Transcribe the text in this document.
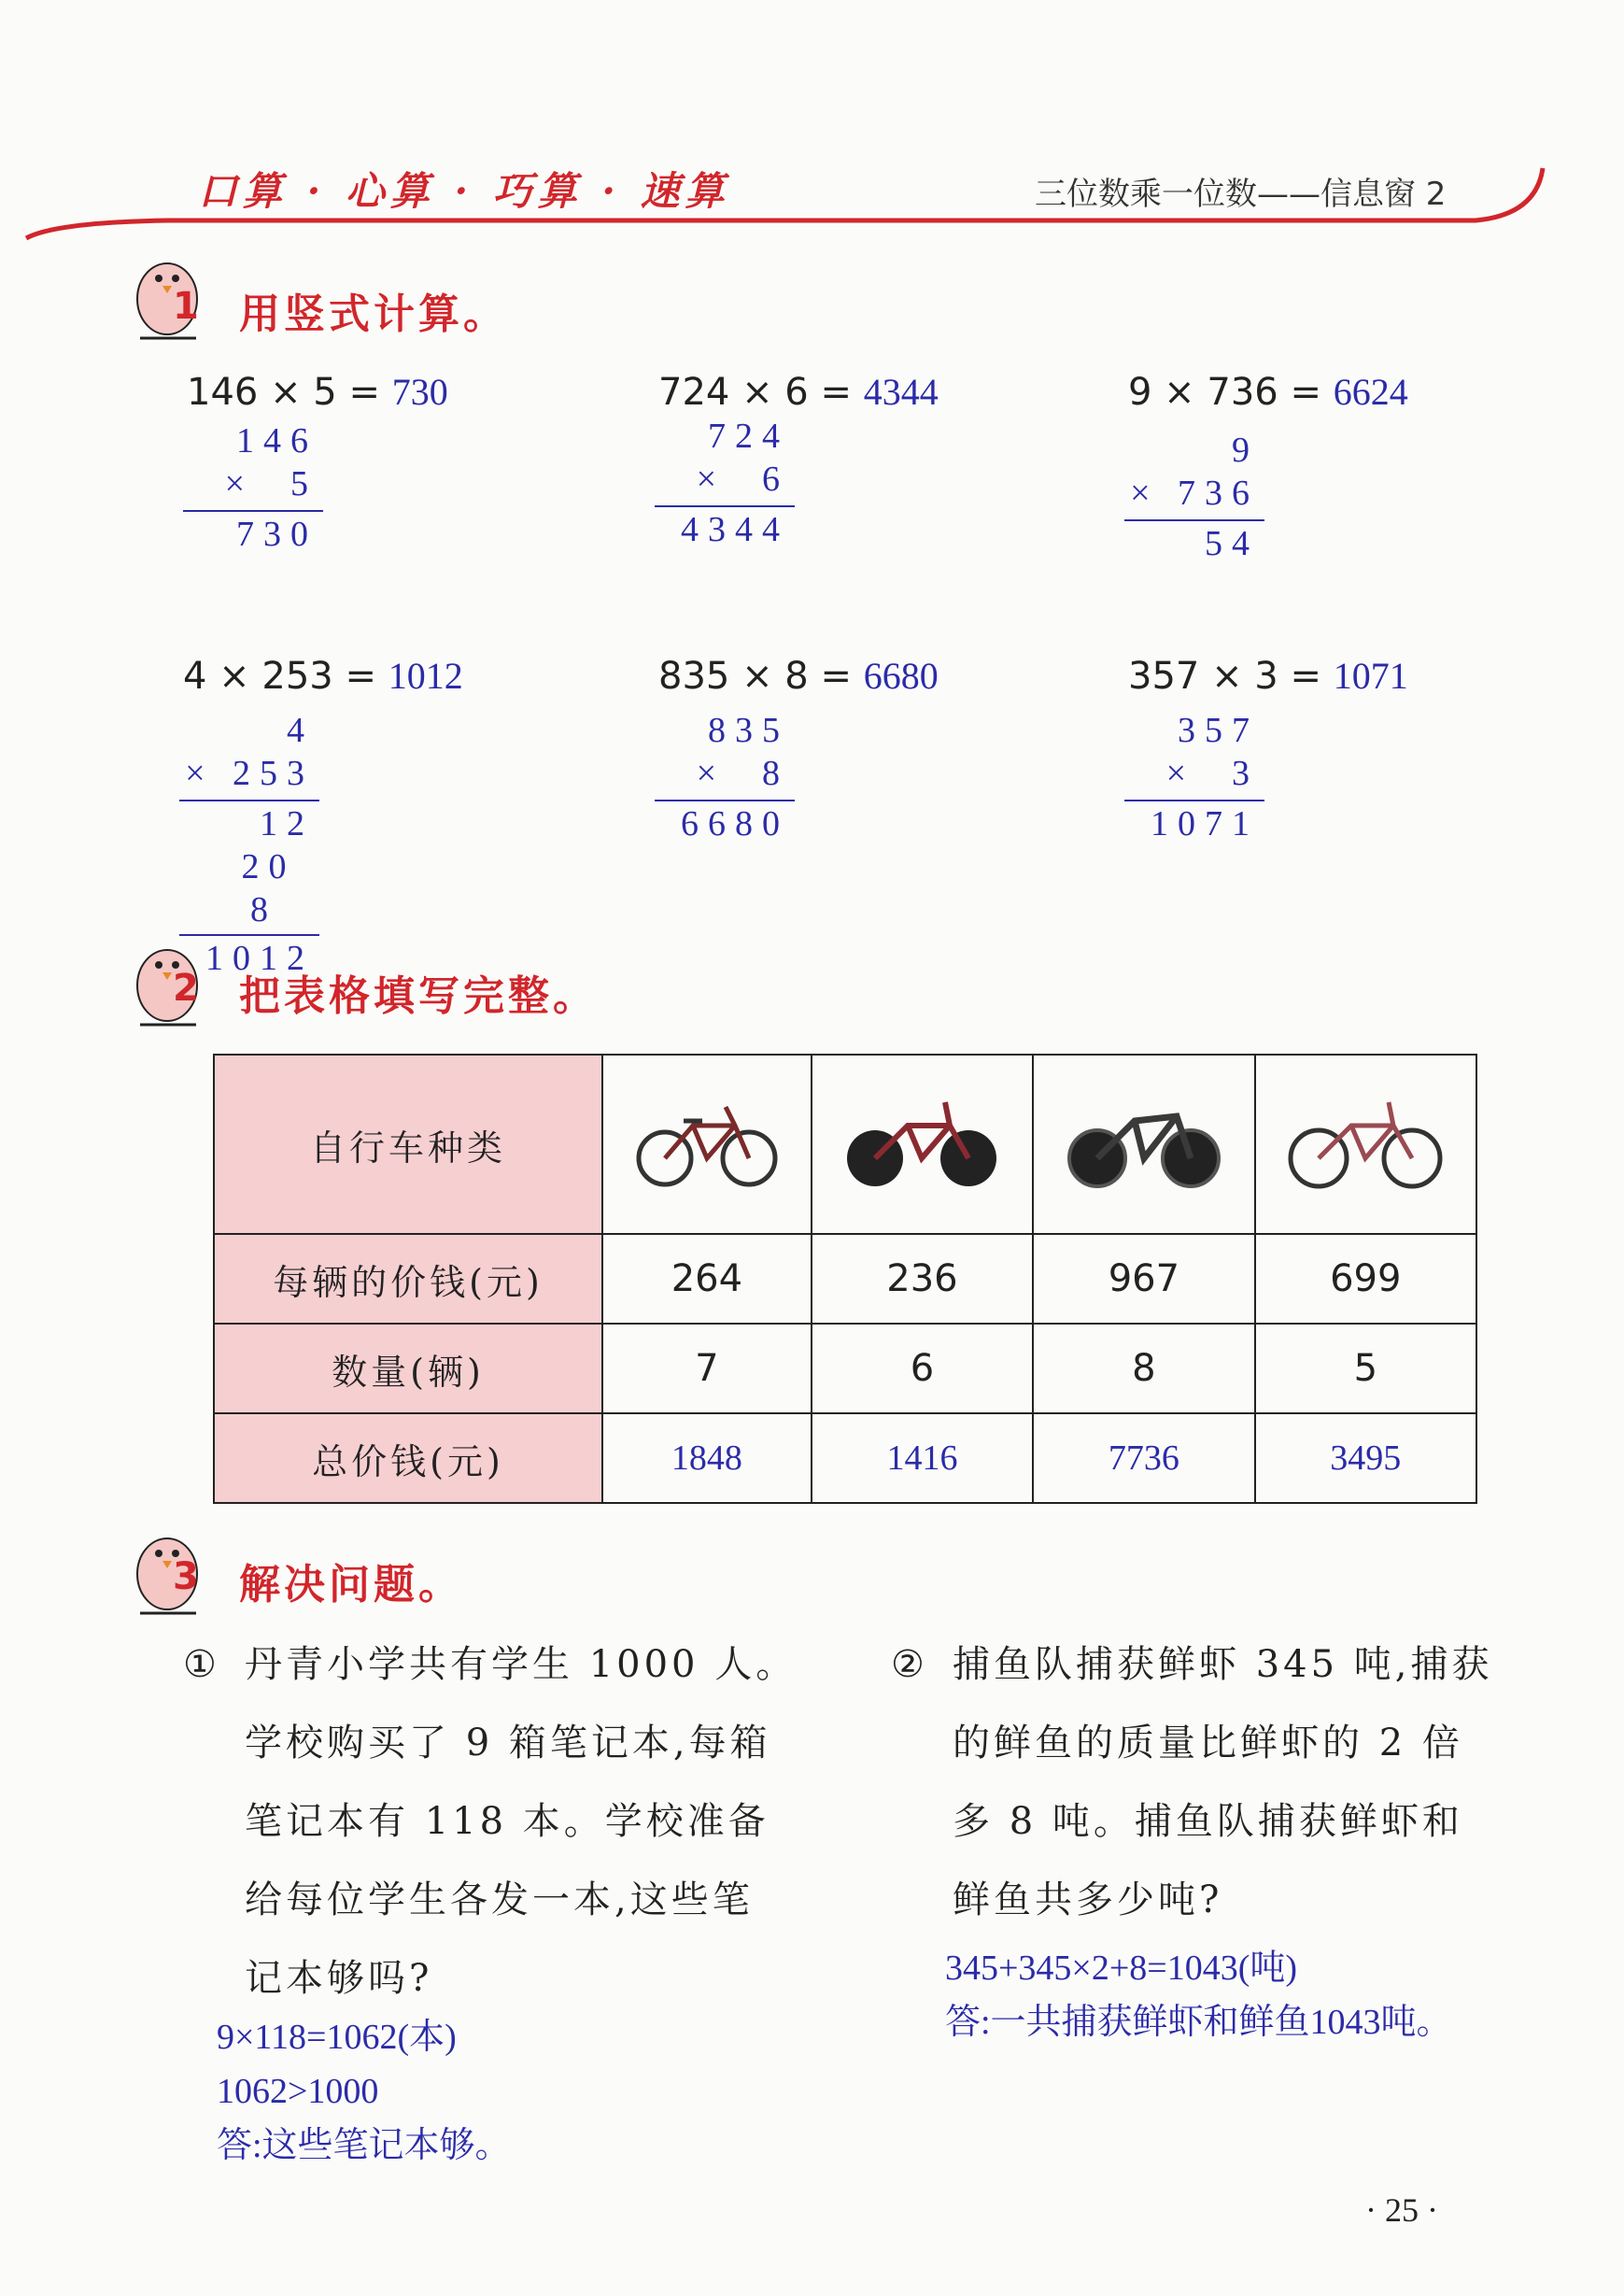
口算 · 心算 · 巧算 · 速算	三位数乘一位数——信息窗 2
1 用竖式计算。
146 × 5 = 730
146
×  5
730
724 × 6 = 4344
724
×  6
4344
9 × 736 = 6624
9
× 736
54
4 × 253 = 1012
4
× 253
12
20
8
1012
835 × 8 = 6680
835
×  8
6680
357 × 3 = 1071
357
×  3
1071
2 把表格填写完整。
自行车种类				
每辆的价钱(元)	264	236	967	699
数量(辆)	7	6	8	5
总价钱(元)	1848	1416	7736	3495
3 解决问题。
① 丹青小学共有学生 1000 人。
学校购买了 9 箱笔记本,每箱
笔记本有 118 本。学校准备
给每位学生各发一本,这些笔
记本够吗?
9×118=1062(本)
1062>1000
答:这些笔记本够。
② 捕鱼队捕获鲜虾 345 吨,捕获
的鲜鱼的质量比鲜虾的 2 倍
多 8 吨。捕鱼队捕获鲜虾和
鲜鱼共多少吨?
345+345×2+8=1043(吨)
答:一共捕获鲜虾和鲜鱼1043吨。
· 25 ·
